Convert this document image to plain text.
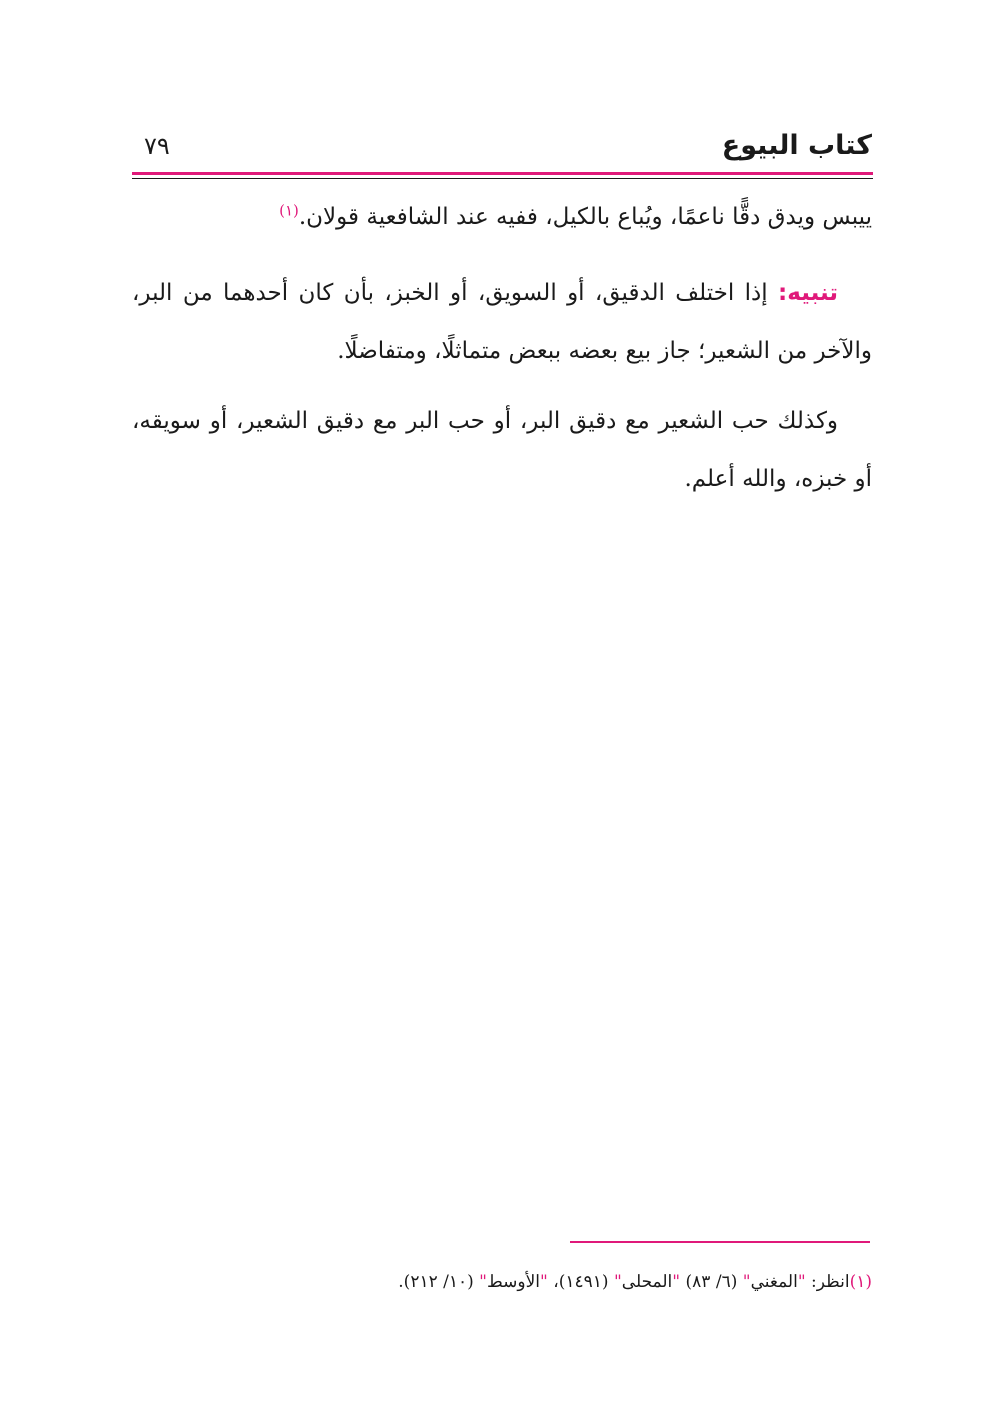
كتاب البيوع
٧٩

ييبس ويدق دقًّا ناعمًا، ويُباع بالكيل، ففيه عند الشافعية قولان.$^{(١)}$

تنبيه: إذا اختلف الدقيق، أو السويق، أو الخبز، بأن كان أحدهما من البر، والآخر من الشعير؛ جاز بيع بعضه ببعض متماثلًا، ومتفاضلًا.

وكذلك حب الشعير مع دقيق البر، أو حب البر مع دقيق الشعير، أو سويقه، أو خبزه، والله أعلم.

(١)انظر: "المغني" (٦/ ٨٣) "المحلى" (١٤٩١)، "الأوسط" (١٠/ ٢١٢).
